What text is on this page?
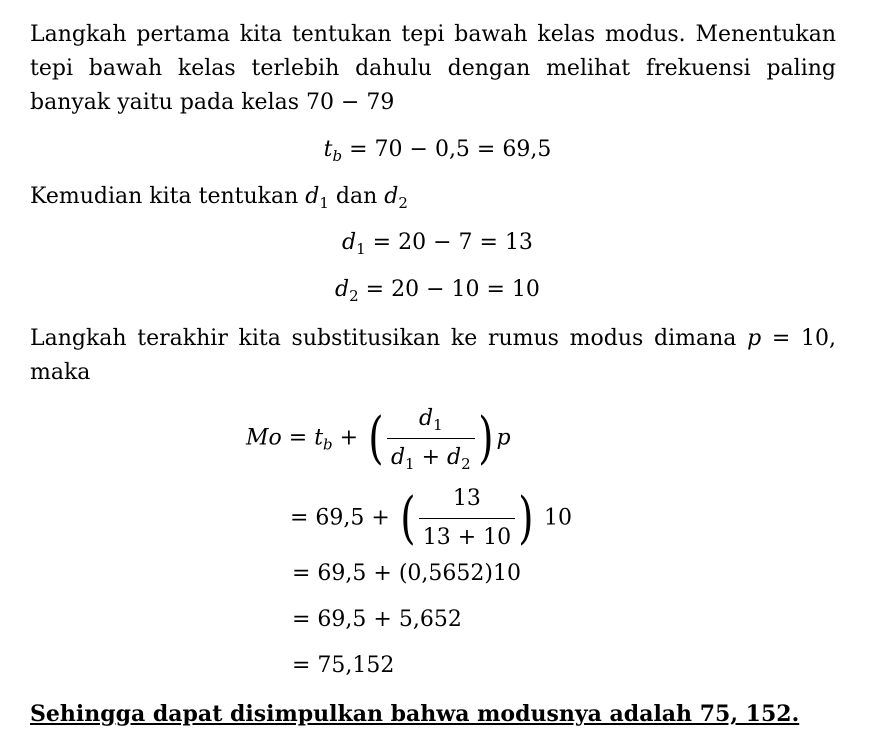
Langkah pertama kita tentukan tepi bawah kelas modus. Menentukan
tepi bawah kelas terlebih dahulu dengan melihat frekuensi paling
banyak yaitu pada kelas 70 − 79
$t_b = 70 - 0,5 = 69,5$
Kemudian kita tentukan $d_1$ dan $d_2$
$d_1 = 20 - 7 = 13$
$d_2 = 20 - 10 = 10$
Langkah terakhir kita substitusikan ke rumus modus dimana p = 10,
maka
$Mo = t_b$ + ( $\frac{d_1}{d_1 + d_2}$ ) p
= 69,5 + ( $\frac{13}{13 + 10}$ ) 10
= 69,5 + (0,5652)10
= 69,5 + 5,652
= 75,152
Sehingga dapat disimpulkan bahwa modusnya adalah 75, 152.
